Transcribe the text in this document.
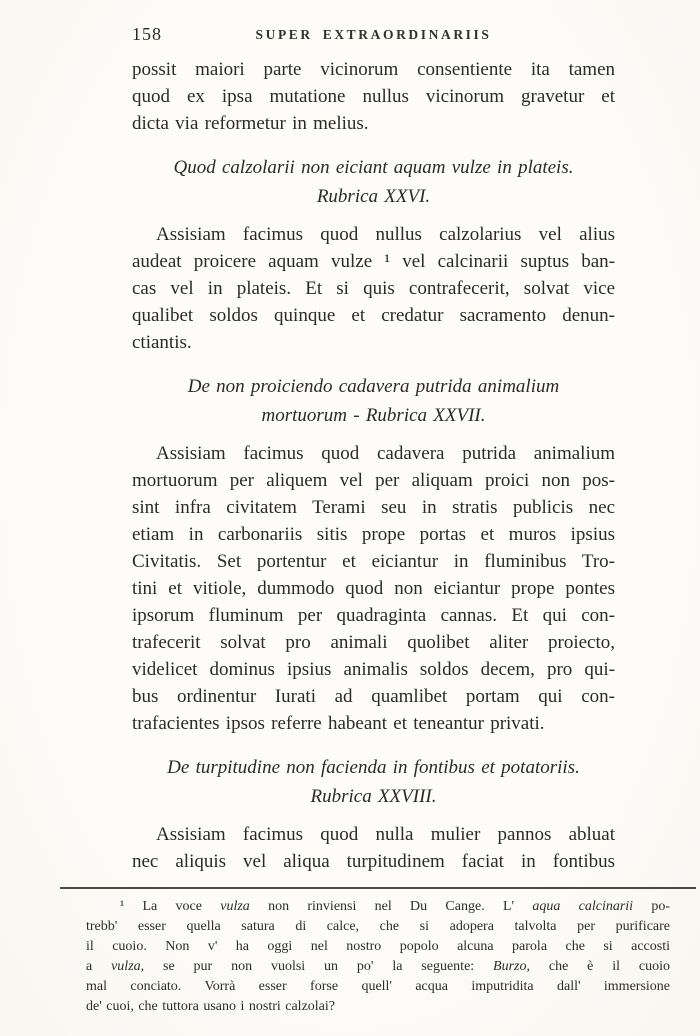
158	SUPER EXTRAORDINARIIS
possit maiori parte vicinorum consentiente ita tamen
quod ex ipsa mutatione nullus vicinorum gravetur et
dicta via reformetur in melius.
Quod calzolarii non eiciant aquam vulze in plateis.
Rubrica XXVI.
Assisiam facimus quod nullus calzolarius vel alius
audeat proicere aquam vulze ¹ vel calcinarii suptus ban-
cas vel in plateis. Et si quis contrafecerit, solvat vice
qualibet soldos quinque et credatur sacramento denun-
ctiantis.
De non proiciendo cadavera putrida animalium
mortuorum - Rubrica XXVII.
Assisiam facimus quod cadavera putrida animalium
mortuorum per aliquem vel per aliquam proici non pos-
sint infra civitatem Terami seu in stratis publicis nec
etiam in carbonariis sitis prope portas et muros ipsius
Civitatis. Set portentur et eiciantur in fluminibus Tro-
tini et vitiole, dummodo quod non eiciantur prope pontes
ipsorum fluminum per quadraginta cannas. Et qui con-
trafecerit solvat pro animali quolibet aliter proiecto,
videlicet dominus ipsius animalis soldos decem, pro qui-
bus ordinentur Iurati ad quamlibet portam qui con-
trafacientes ipsos referre habeant et teneantur privati.
De turpitudine non facienda in fontibus et potatoriis.
Rubrica XXVIII.
Assisiam facimus quod nulla mulier pannos abluat
nec aliquis vel aliqua turpitudinem faciat in fontibus
¹ La voce vulza non rinviensi nel Du Cange. L' aqua calcinarii po-
trebb' esser quella satura di calce, che si adopera talvolta per purificare
il cuoio. Non v' ha oggi nel nostro popolo alcuna parola che si accosti
a vulza, se pur non vuolsi un po' la seguente: Burzo, che è il cuoio
mal conciato. Vorrà esser forse quell' acqua imputridita dall' immersione
de' cuoi, che tuttora usano i nostri calzolai?
